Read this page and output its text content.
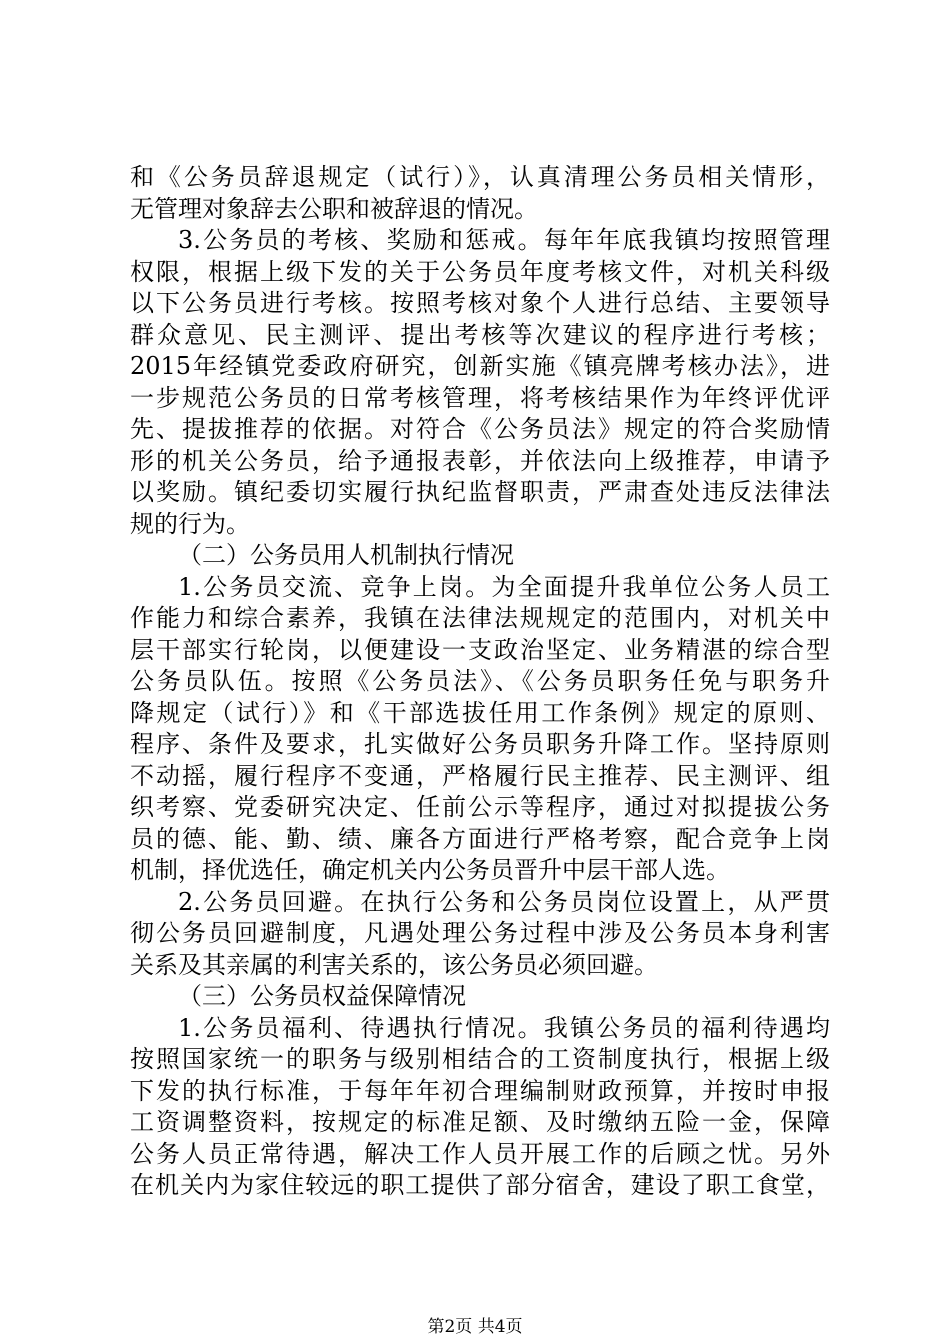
和《公务员辞退规定（试行）》，认真清理公务员相关情形，
无管理对象辞去公职和被辞退的情况。
3.公务员的考核、奖励和惩戒。每年年底我镇均按照管理
权限，根据上级下发的关于公务员年度考核文件，对机关科级
以下公务员进行考核。按照考核对象个人进行总结、主要领导
群众意见、民主测评、提出考核等次建议的程序进行考核；
2015年经镇党委政府研究，创新实施《镇亮牌考核办法》，进
一步规范公务员的日常考核管理，将考核结果作为年终评优评
先、提拔推荐的依据。对符合《公务员法》规定的符合奖励情
形的机关公务员，给予通报表彰，并依法向上级推荐，申请予
以奖励。镇纪委切实履行执纪监督职责，严肃查处违反法律法
规的行为。
（二）公务员用人机制执行情况
1.公务员交流、竞争上岗。为全面提升我单位公务人员工
作能力和综合素养，我镇在法律法规规定的范围内，对机关中
层干部实行轮岗，以便建设一支政治坚定、业务精湛的综合型
公务员队伍。按照《公务员法》、《公务员职务任免与职务升
降规定（试行）》和《干部选拔任用工作条例》规定的原则、
程序、条件及要求，扎实做好公务员职务升降工作。坚持原则
不动摇，履行程序不变通，严格履行民主推荐、民主测评、组
织考察、党委研究决定、任前公示等程序，通过对拟提拔公务
员的德、能、勤、绩、廉各方面进行严格考察，配合竞争上岗
机制，择优选任，确定机关内公务员晋升中层干部人选。
2.公务员回避。在执行公务和公务员岗位设置上，从严贯
彻公务员回避制度，凡遇处理公务过程中涉及公务员本身利害
关系及其亲属的利害关系的，该公务员必须回避。
（三）公务员权益保障情况
1.公务员福利、待遇执行情况。我镇公务员的福利待遇均
按照国家统一的职务与级别相结合的工资制度执行，根据上级
下发的执行标准，于每年年初合理编制财政预算，并按时申报
工资调整资料，按规定的标准足额、及时缴纳五险一金，保障
公务人员正常待遇，解决工作人员开展工作的后顾之忧。另外
在机关内为家住较远的职工提供了部分宿舍，建设了职工食堂，
第2页 共4页
